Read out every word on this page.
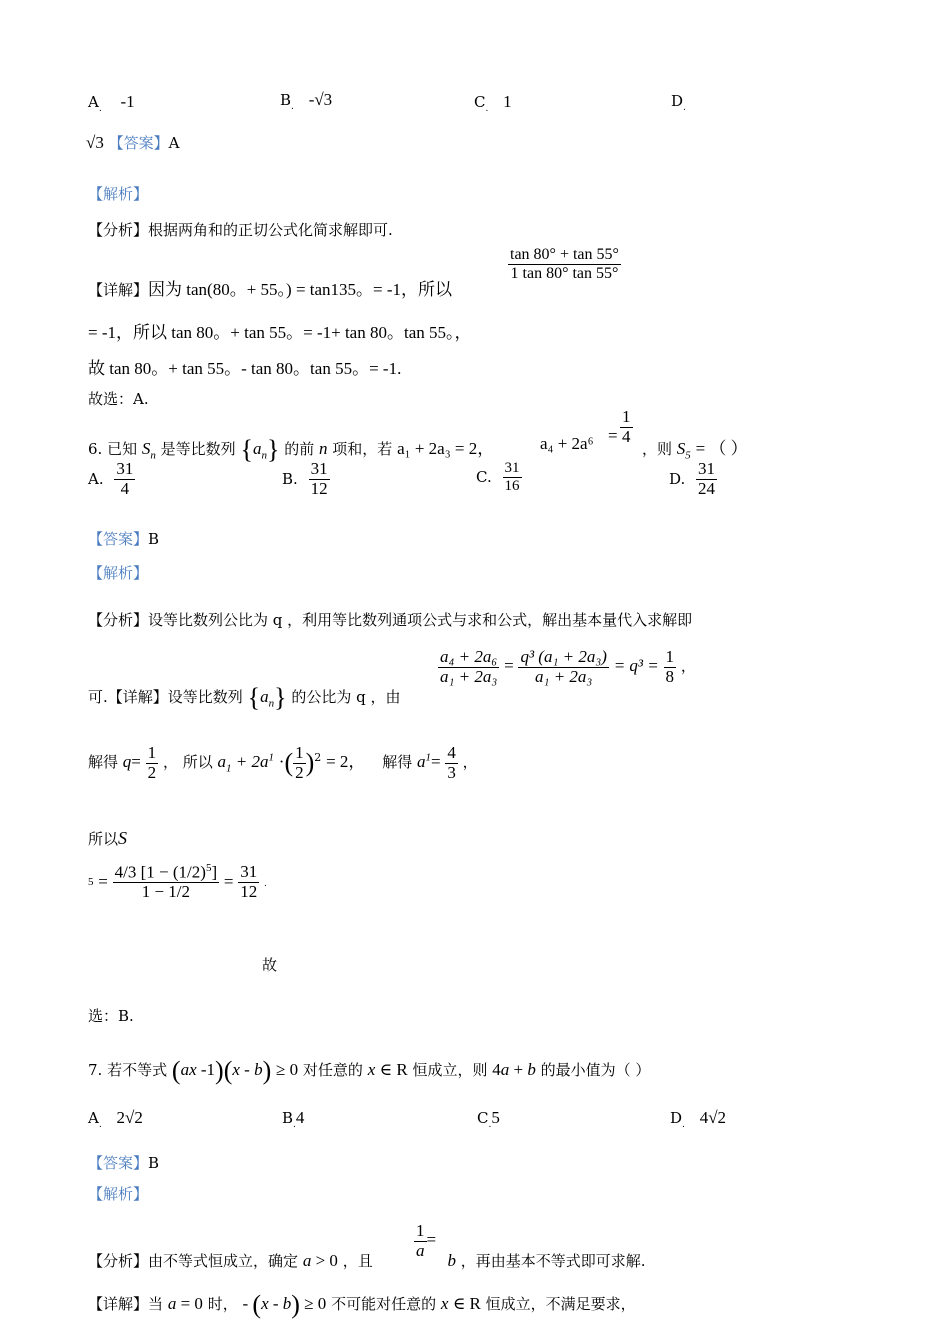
$A_.$ -1	$B_.$ -√3	$C_.$ 1	$D_.$
√3 【答案】A
【解析】
【分析】根据两角和的正切公式化简求解即可.
【详解】因为 tan(80。+ 55。) = tan135。= -1，所以
$\frac{\tan 80^\circ + \tan 55^\circ}{1 \tan 80^\circ \tan 55^\circ}$
= -1，所以 tan 80。+ tan 55。= -1+ tan 80。tan 55。，
故 tan 80。+ tan 55。- tan 80。tan 55。= -1.
故选：A.
6. 已知 $S_n$ 是等比数列 $\{a_n\}$ 的前 n 项和，若 a₁ + 2a₃ = 2，	$a_4 + 2a^6 = \frac{1}{4}$
，则 $S_5$ = （ ）
A. $\frac{31}{4}$	B. $\frac{31}{12}$	C. $\frac{31}{16}$	D. $\frac{31}{24}$
【答案】B
【解析】
【分析】设等比数列公比为 q ，利用等比数列通项公式与求和公式，解出基本量代入求解即
可.【详解】设等比数列 $\{a_n\}$ 的公比为 q ，由
$\frac{\text{a₄ + 2a₆}}{\text{a₁ + 2a₃}} = \frac{\text{q³ (a₁ + 2a₃)}}{\text{a₁ + 2a₃}} = q^3 = \frac{1}{8}$ ，
解得 $q= \frac{1}{2}$ ， 所以 $a_1 + 2a^1$ ·( $\frac{1}{2} )^2 = 2$， 解得 $a^1= \frac{4}{3}$ ，
所以S
$5 = \frac{4/3 [1 - (1/2)^5]}{1 - 1/2} = \frac{31}{12}$ .
故
选：B.
7. 若不等式 (ax -1)(x - b) ≥ 0 对任意的 x ∈ R 恒成立，则 4a + b 的最小值为（ ）
$A_.$ 2√2	$B_.4$	$C_.5$	$D_.$ 4√2
【答案】B
【解析】
【分析】由不等式恒成立，确定 a > 0 ，且	b ，再由基本不等式即可求解.
$\frac{1}{a}$ =
【详解】当 a = 0 时， - (x - b) ≥ 0 不可能对任意的 x ∈ R 恒成立，不满足要求，
